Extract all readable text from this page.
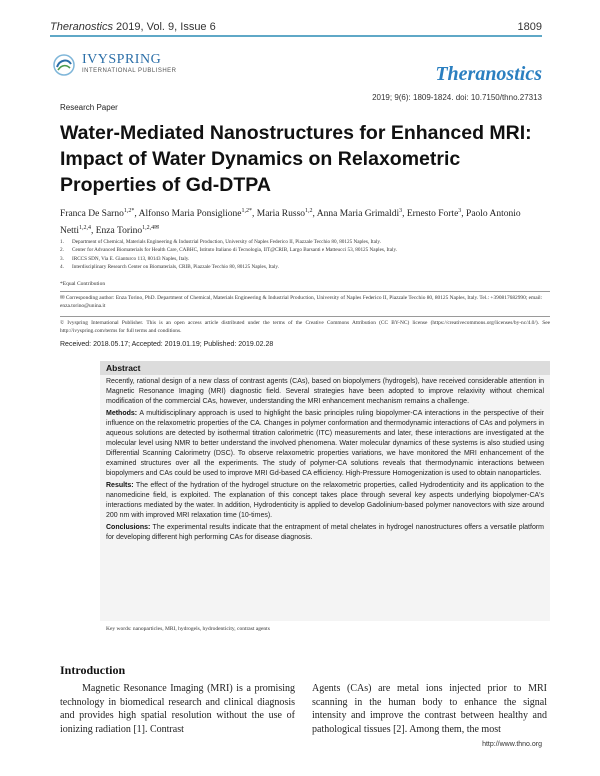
Theranostics 2019, Vol. 9, Issue 6	1809
IVYSPRING
INTERNATIONAL PUBLISHER	Theranostics
2019; 9(6): 1809-1824. doi: 10.7150/thno.27313
Research Paper
Water-Mediated Nanostructures for Enhanced MRI: Impact of Water Dynamics on Relaxometric Properties of Gd-DTPA
Franca De Sarno$^{1,2*}$, Alfonso Maria Ponsiglione$^{1,2*}$, Maria Russo$^{1,2}$, Anna Maria Grimaldi$^3$, Ernesto Forte$^3$, Paolo Antonio Netti$^{1,2,4}$, Enza Torino$^{1,2,4✉}$
1. Department of Chemical, Materials Engineering & Industrial Production, University of Naples Federico II, Piazzale Tecchio 80, 80125 Naples, Italy.
2. Center for Advanced Biomaterials for Health Care, CABHC, Istituto Italiano di Tecnologia, IIT@CRIB, Largo Barsanti e Matteucci 53, 80125 Naples, Italy.
3. IRCCS SDN, Via E. Gianturco 113, 80143 Naples, Italy.
4. Interdisciplinary Research Center on Biomaterials, CRIB, Piazzale Tecchio 80, 80125 Naples, Italy.
*Equal Contribution
✉ Corresponding author: Enza Torino, PhD. Department of Chemical, Materials Engineering & Industrial Production, University of Naples Federico II, Piazzale Tecchio 80, 80125 Naples, Italy. Tel.: +390817682990; email: enza.torino@unina.it
© Ivyspring International Publisher. This is an open access article distributed under the terms of the Creative Commons Attribution (CC BY-NC) license (https://creativecommons.org/licenses/by-nc/4.0/). See http://ivyspring.com/terms for full terms and conditions.
Received: 2018.05.17; Accepted: 2019.01.19; Published: 2019.02.28
Abstract

Recently, rational design of a new class of contrast agents (CAs), based on biopolymers (hydrogels), have received considerable attention in Magnetic Resonance Imaging (MRI) diagnostic field. Several strategies have been adopted to improve relaxivity without chemical modification of the commercial CAs, however, understanding the MRI enhancement mechanism remains a challenge.

Methods: A multidisciplinary approach is used to highlight the basic principles ruling biopolymer-CA interactions in the perspective of their influence on the relaxometric properties of the CA. Changes in polymer conformation and thermodynamic interactions of CAs and polymers in aqueous solutions are detected by isothermal titration calorimetric (ITC) measurements and later, these interactions are investigated at the molecular level using NMR to better understand the involved phenomena. Water molecular dynamics of these systems is also studied using Differential Scanning Calorimetry (DSC). To observe relaxometric properties variations, we have monitored the MRI enhancement of the examined structures over all the experiments. The study of polymer-CA solutions reveals that thermodynamic interactions between biopolymers and CAs could be used to improve MRI Gd-based CA efficiency. High-Pressure Homogenization is used to obtain nanoparticles.

Results: The effect of the hydration of the hydrogel structure on the relaxometric properties, called Hydrodenticity and its application to the nanomedicine field, is exploited. The explanation of this concept takes place through several key aspects underlying biopolymer-CA's interactions mediated by the water. In addition, Hydrodenticity is applied to develop Gadolinium-based polymer nanovectors with size around 200 nm with improved MRI relaxation time (10-times).

Conclusions: The experimental results indicate that the entrapment of metal chelates in hydrogel nanostructures offers a versatile platform for developing different high performing CAs for disease diagnosis.

Key words: nanoparticles, MRI, hydrogels, hydrodenticity, contrast agents
Introduction

Magnetic Resonance Imaging (MRI) is a promising technology in biomedical research and clinical diagnosis and provides high spatial resolution without the use of ionizing radiation [1]. Contrast

Agents (CAs) are metal ions injected prior to MRI scanning in the human body to enhance the signal intensity and improve the contrast between healthy and pathological tissues [2]. Among them, the most

http://www.thno.org
